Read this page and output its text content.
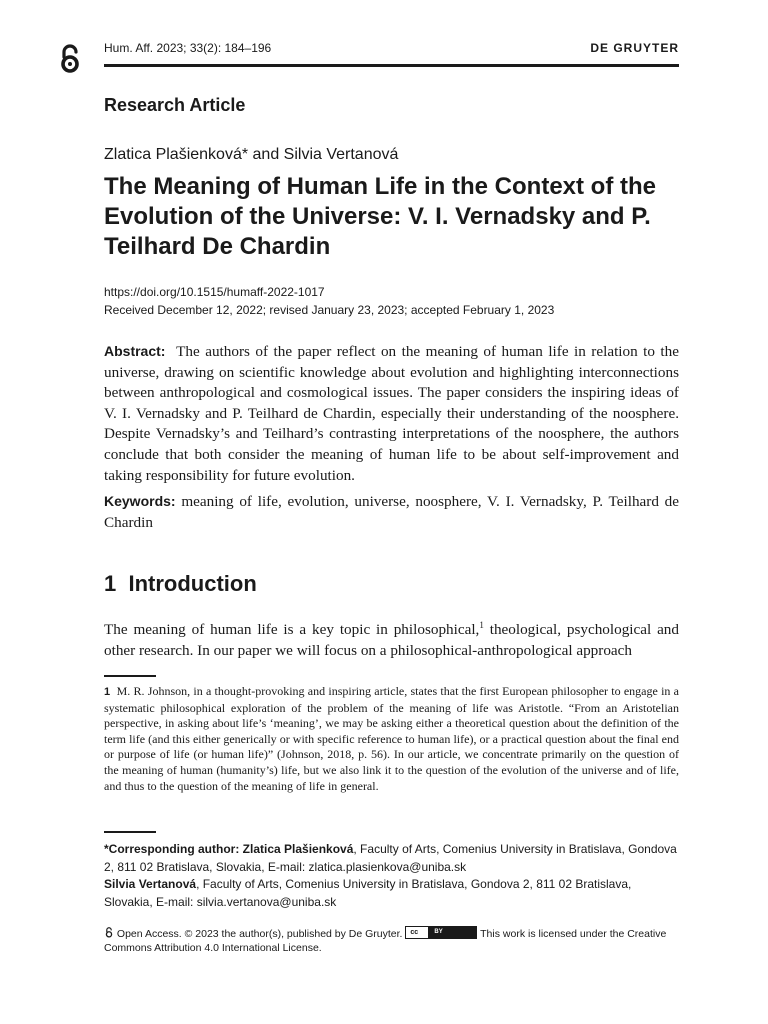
Hum. Aff. 2023; 33(2): 184–196	DE GRUYTER
Research Article
Zlatica Plašienková* and Silvia Vertanová
The Meaning of Human Life in the Context of the Evolution of the Universe: V. I. Vernadsky and P. Teilhard De Chardin
https://doi.org/10.1515/humaff-2022-1017
Received December 12, 2022; revised January 23, 2023; accepted February 1, 2023

Abstract: The authors of the paper reflect on the meaning of human life in relation to the universe, drawing on scientific knowledge about evolution and highlighting interconnections between anthropological and cosmological issues. The paper considers the inspiring ideas of V. I. Vernadsky and P. Teilhard de Chardin, especially their understanding of the noosphere. Despite Vernadsky’s and Teilhard’s contrasting interpretations of the noosphere, the authors conclude that both consider the meaning of human life to be about self-improvement and taking responsibility for future evolution.

Keywords: meaning of life, evolution, universe, noosphere, V. I. Vernadsky, P. Teilhard de Chardin

1 Introduction

The meaning of human life is a key topic in philosophical,$^1$ theological, psychological and other research. In our paper we will focus on a philosophical-anthropological approach

1 M. R. Johnson, in a thought-provoking and inspiring article, states that the first European philosopher to engage in a systematic philosophical exploration of the problem of the meaning of life was Aristotle. “From an Aristotelian perspective, in asking about life’s ‘meaning’, we may be asking either a theoretical question about the definition of the term life (and this either generically or with specific reference to human life), or a practical question about the final end or purpose of life (or human life)” (Johnson, 2018, p. 56). In our article, we concentrate primarily on the question of the meaning of human (humanity’s) life, but we also link it to the question of the evolution of the universe and of life, and thus to the question of the meaning of life in general.

*Corresponding author: Zlatica Plašienková, Faculty of Arts, Comenius University in Bratislava, Gondova 2, 811 02 Bratislava, Slovakia, E-mail: zlatica.plasienkova@uniba.sk
Silvia Vertanová, Faculty of Arts, Comenius University in Bratislava, Gondova 2, 811 02 Bratislava, Slovakia, E-mail: silvia.vertanova@uniba.sk

Open Access. © 2023 the author(s), published by De Gruyter. cc	BY	This work is licensed under the Creative Commons Attribution 4.0 International License.
